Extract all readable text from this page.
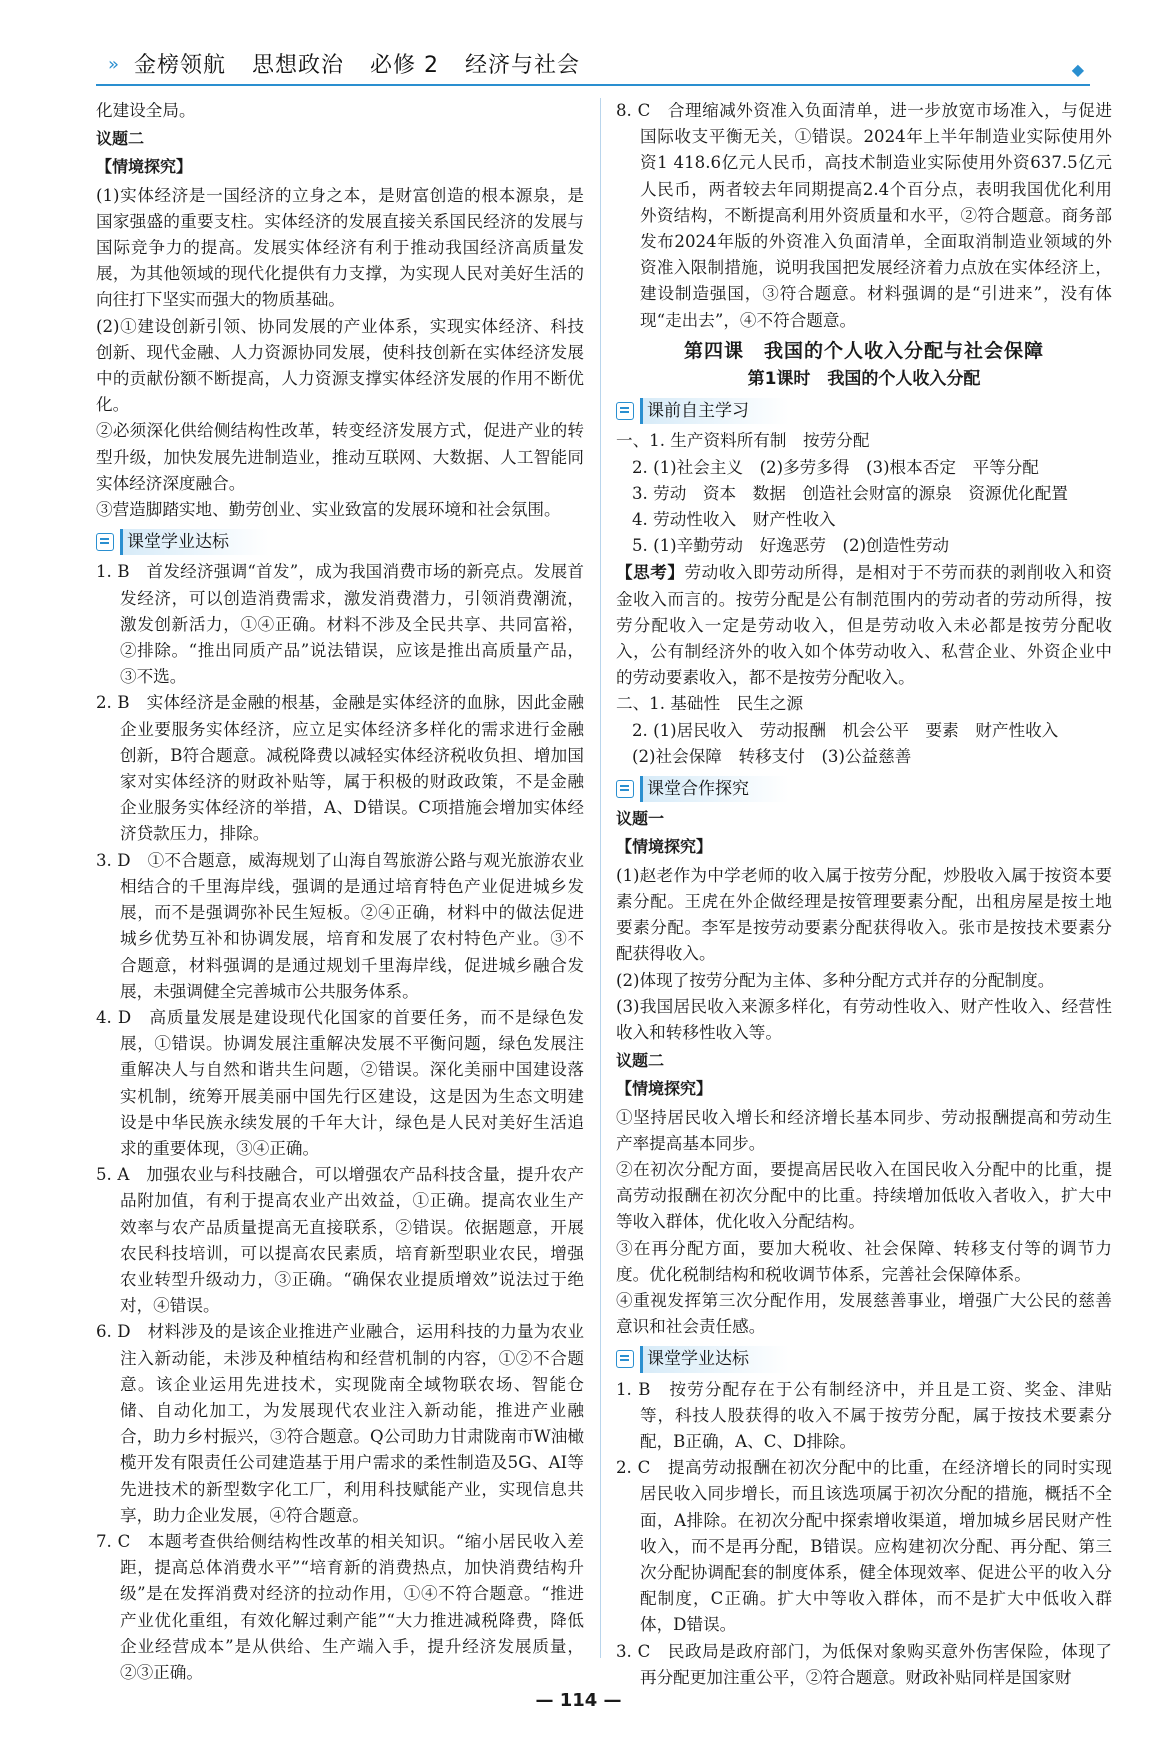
» 金榜领航 思想政治 必修 2 经济与社会	◆

化建设全局。

议题二
【情境探究】

(1)实体经济是一国经济的立身之本，是财富创造的根本源泉，是国家强盛的重要支柱。实体经济的发展直接关系国民经济的发展与国际竞争力的提高。发展实体经济有利于推动我国经济高质量发展，为其他领域的现代化提供有力支撑，为实现人民对美好生活的向往打下坚实而强大的物质基础。

(2)①建设创新引领、协同发展的产业体系，实现实体经济、科技创新、现代金融、人力资源协同发展，使科技创新在实体经济发展中的贡献份额不断提高，人力资源支撑实体经济发展的作用不断优化。

②必须深化供给侧结构性改革，转变经济发展方式，促进产业的转型升级，加快发展先进制造业，推动互联网、大数据、人工智能同实体经济深度融合。

③营造脚踏实地、勤劳创业、实业致富的发展环境和社会氛围。

课堂学业达标

1. B　首发经济强调“首发”，成为我国消费市场的新亮点。发展首发经济，可以创造消费需求，激发消费潜力，引领消费潮流，激发创新活力，①④正确。材料不涉及全民共享、共同富裕，②排除。“推出同质产品”说法错误，应该是推出高质量产品，③不选。

2. B　实体经济是金融的根基，金融是实体经济的血脉，因此金融企业要服务实体经济，应立足实体经济多样化的需求进行金融创新，B符合题意。减税降费以减轻实体经济税收负担、增加国家对实体经济的财政补贴等，属于积极的财政政策，不是金融企业服务实体经济的举措，A、D错误。C项措施会增加实体经济贷款压力，排除。

3. D　①不合题意，威海规划了山海自驾旅游公路与观光旅游农业相结合的千里海岸线，强调的是通过培育特色产业促进城乡发展，而不是强调弥补民生短板。②④正确，材料中的做法促进城乡优势互补和协调发展，培育和发展了农村特色产业。③不合题意，材料强调的是通过规划千里海岸线，促进城乡融合发展，未强调健全完善城市公共服务体系。

4. D　高质量发展是建设现代化国家的首要任务，而不是绿色发展，①错误。协调发展注重解决发展不平衡问题，绿色发展注重解决人与自然和谐共生问题，②错误。深化美丽中国建设落实机制，统筹开展美丽中国先行区建设，这是因为生态文明建设是中华民族永续发展的千年大计，绿色是人民对美好生活追求的重要体现，③④正确。

5. A　加强农业与科技融合，可以增强农产品科技含量，提升农产品附加值，有利于提高农业产出效益，①正确。提高农业生产效率与农产品质量提高无直接联系，②错误。依据题意，开展农民科技培训，可以提高农民素质，培育新型职业农民，增强农业转型升级动力，③正确。“确保农业提质增效”说法过于绝对，④错误。

6. D　材料涉及的是该企业推进产业融合，运用科技的力量为农业注入新动能，未涉及种植结构和经营机制的内容，①②不合题意。该企业运用先进技术，实现陇南全域物联农场、智能仓储、自动化加工，为发展现代农业注入新动能，推进产业融合，助力乡村振兴，③符合题意。Q公司助力甘肃陇南市W油橄榄开发有限责任公司建造基于用户需求的柔性制造及5G、AI等先进技术的新型数字化工厂，利用科技赋能产业，实现信息共享，助力企业发展，④符合题意。

7. C　本题考查供给侧结构性改革的相关知识。“缩小居民收入差距，提高总体消费水平”“培育新的消费热点，加快消费结构升级”是在发挥消费对经济的拉动作用，①④不符合题意。“推进产业优化重组，有效化解过剩产能”“大力推进减税降费，降低企业经营成本”是从供给、生产端入手，提升经济发展质量，②③正确。

8. C　合理缩减外资准入负面清单，进一步放宽市场准入，与促进国际收支平衡无关，①错误。2024年上半年制造业实际使用外资1 418.6亿元人民币，高技术制造业实际使用外资637.5亿元人民币，两者较去年同期提高2.4个百分点，表明我国优化利用外资结构，不断提高利用外资质量和水平，②符合题意。商务部发布2024年版的外资准入负面清单，全面取消制造业领域的外资准入限制措施，说明我国把发展经济着力点放在实体经济上，建设制造强国，③符合题意。材料强调的是“引进来”，没有体现“走出去”，④不符合题意。

第四课　我国的个人收入分配与社会保障
第1课时　我国的个人收入分配
课前自主学习

一、1. 生产资料所有制　按劳分配

2. (1)社会主义　(2)多劳多得　(3)根本否定　平等分配

3. 劳动　资本　数据　创造社会财富的源泉　资源优化配置

4. 劳动性收入　财产性收入

5. (1)辛勤劳动　好逸恶劳　(2)创造性劳动

【思考】劳动收入即劳动所得，是相对于不劳而获的剥削收入和资金收入而言的。按劳分配是公有制范围内的劳动者的劳动所得，按劳分配收入一定是劳动收入，但是劳动收入未必都是按劳分配收入，公有制经济外的收入如个体劳动收入、私营企业、外资企业中的劳动要素收入，都不是按劳分配收入。

二、1. 基础性　民生之源

2. (1)居民收入　劳动报酬　机会公平　要素　财产性收入

(2)社会保障　转移支付　(3)公益慈善

课堂合作探究
议题一
【情境探究】

(1)赵老作为中学老师的收入属于按劳分配，炒股收入属于按资本要素分配。王虎在外企做经理是按管理要素分配，出租房屋是按土地要素分配。李军是按劳动要素分配获得收入。张市是按技术要素分配获得收入。

(2)体现了按劳分配为主体、多种分配方式并存的分配制度。

(3)我国居民收入来源多样化，有劳动性收入、财产性收入、经营性收入和转移性收入等。

议题二
【情境探究】

①坚持居民收入增长和经济增长基本同步、劳动报酬提高和劳动生产率提高基本同步。

②在初次分配方面，要提高居民收入在国民收入分配中的比重，提高劳动报酬在初次分配中的比重。持续增加低收入者收入，扩大中等收入群体，优化收入分配结构。

③在再分配方面，要加大税收、社会保障、转移支付等的调节力度。优化税制结构和税收调节体系，完善社会保障体系。

④重视发挥第三次分配作用，发展慈善事业，增强广大公民的慈善意识和社会责任感。

课堂学业达标

1. B　按劳分配存在于公有制经济中，并且是工资、奖金、津贴等，科技人股获得的收入不属于按劳分配，属于按技术要素分配，B正确，A、C、D排除。

2. C　提高劳动报酬在初次分配中的比重，在经济增长的同时实现居民收入同步增长，而且该选项属于初次分配的措施，概括不全面，A排除。在初次分配中探索增收渠道，增加城乡居民财产性收入，而不是再分配，B错误。应构建初次分配、再分配、第三次分配协调配套的制度体系，健全体现效率、促进公平的收入分配制度，C正确。扩大中等收入群体，而不是扩大中低收入群体，D错误。

3. C　民政局是政府部门，为低保对象购买意外伤害保险，体现了再分配更加注重公平，②符合题意。财政补贴同样是国家财

— 114 —
